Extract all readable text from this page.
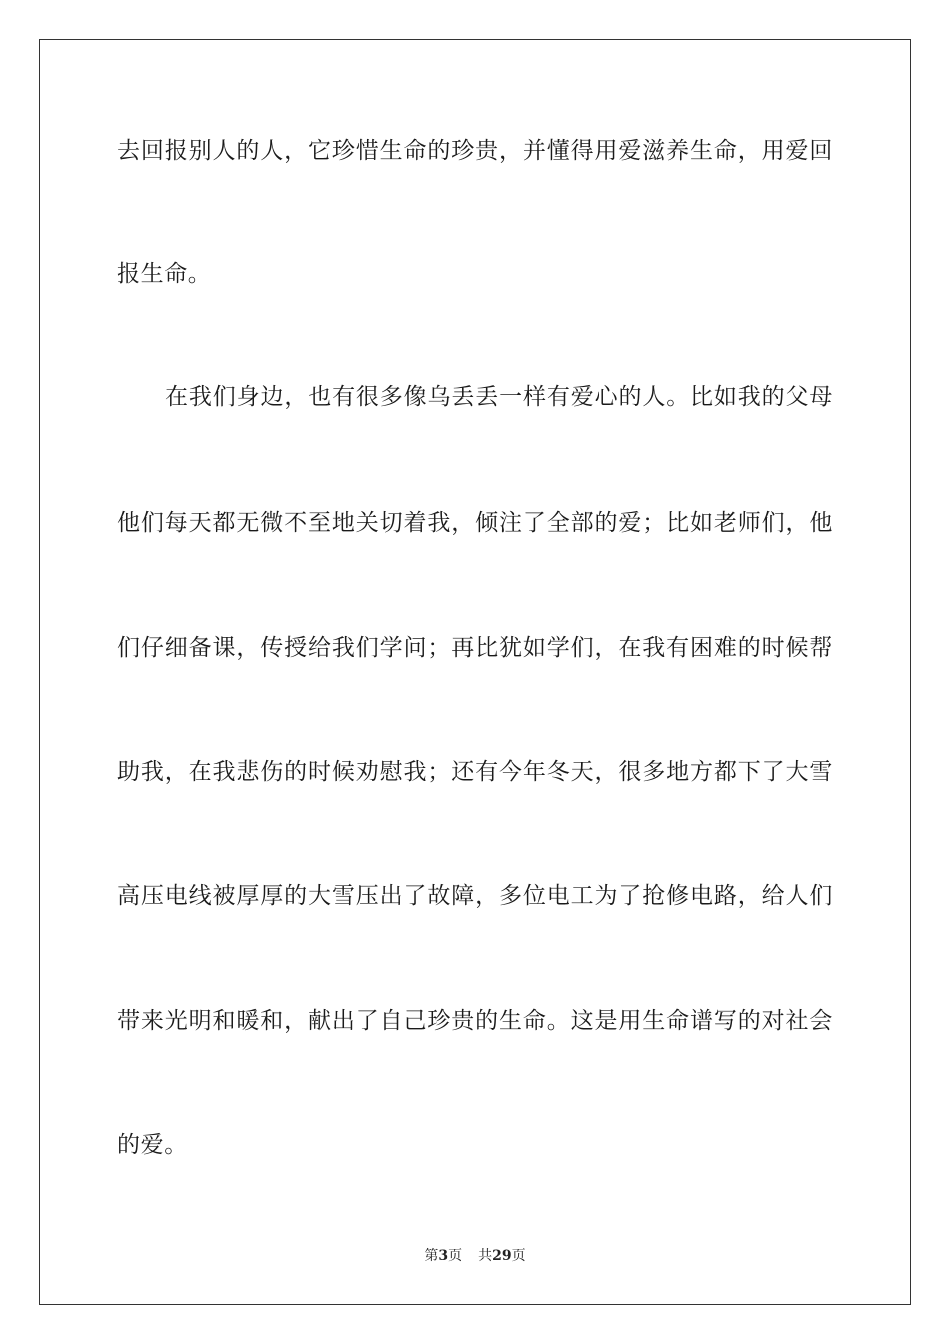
去回报别人的人，它珍惜生命的珍贵，并懂得用爱滋养生命，用爱回
报生命。
在我们身边，也有很多像乌丢丢一样有爱心的人。比如我的父母
他们每天都无微不至地关切着我，倾注了全部的爱；比如老师们，他
们仔细备课，传授给我们学问；再比犹如学们，在我有困难的时候帮
助我，在我悲伤的时候劝慰我；还有今年冬天，很多地方都下了大雪
高压电线被厚厚的大雪压出了故障，多位电工为了抢修电路，给人们
带来光明和暖和，献出了自己珍贵的生命。这是用生命谱写的对社会
的爱。
第3页 共29页
